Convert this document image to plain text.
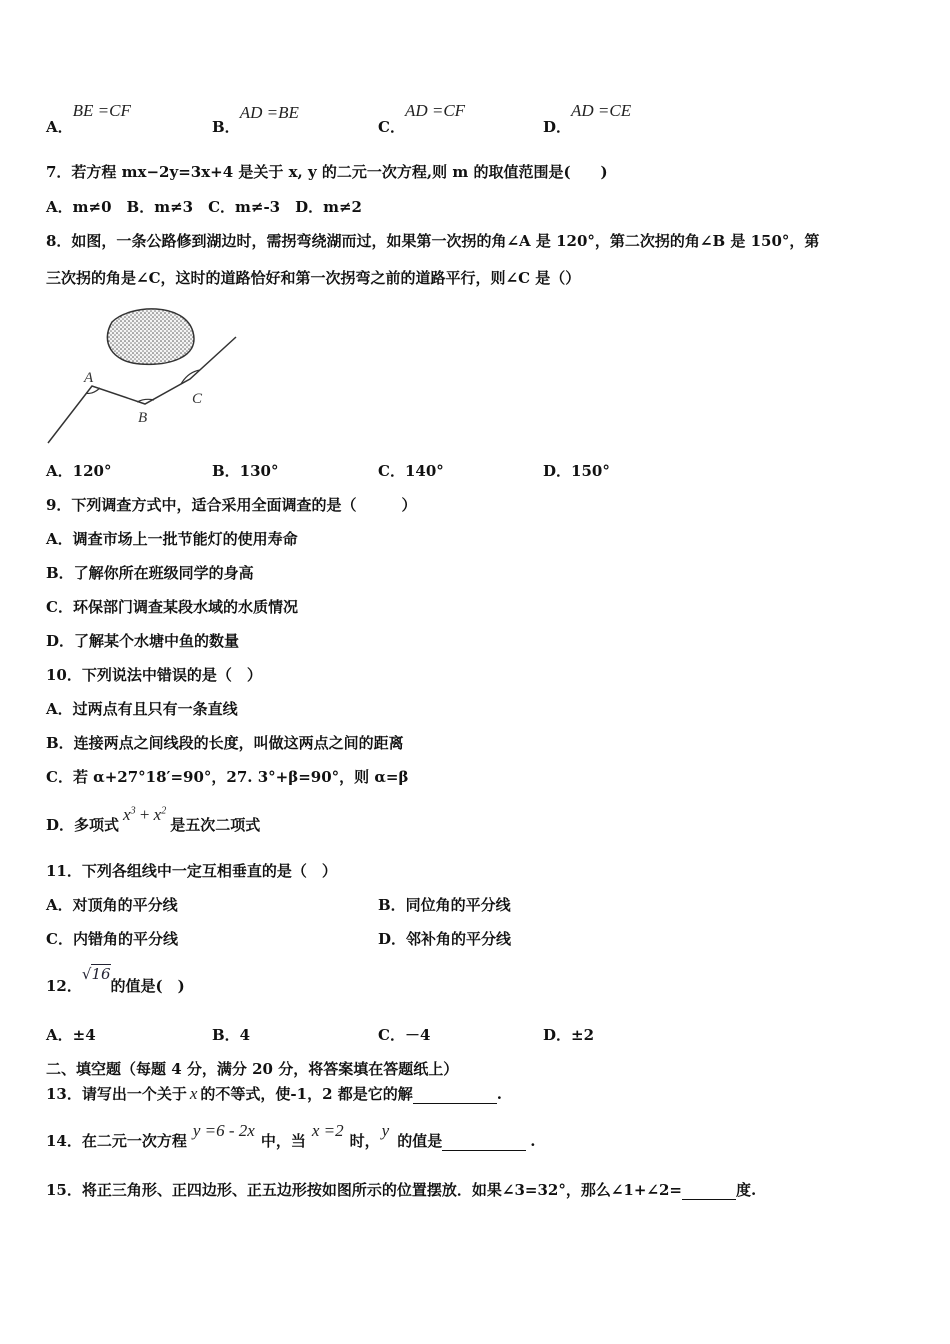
A．BE =CF
B．AD =BE
C．AD =CF
D．AD =CE
7．若方程 mx−2y=3x+4 是关于 x, y 的二元一次方程,则 m 的取值范围是(　　)
A．m≠0　B．m≠3　C．m≠-3　D．m≠2
8．如图，一条公路修到湖边时，需拐弯绕湖而过，如果第一次拐的角∠A 是 120°，第二次拐的角∠B 是 150°，第
三次拐的角是∠C，这时的道路恰好和第一次拐弯之前的道路平行，则∠C 是（）
A
B
C
A．120°	B．130°	C．140°	D．150°
9．下列调查方式中，适合采用全面调查的是（　　　）
A．调查市场上一批节能灯的使用寿命
B．了解你所在班级同学的身高
C．环保部门调查某段水域的水质情况
D．了解某个水塘中鱼的数量
10．下列说法中错误的是（　）
A．过两点有且只有一条直线
B．连接两点之间线段的长度，叫做这两点之间的距离
C．若 α+27°18′=90°，27. 3°+β=90°，则 α=β
D．多项式$x^3 + x^2$是五次二项式
11．下列各组线中一定互相垂直的是（　）
A．对顶角的平分线	B．同位角的平分线
C．内错角的平分线	D．邻补角的平分线
12．√16的值是(　)
A．±4	B．4	C．－4	D．±2
二、填空题（每题 4 分，满分 20 分，将答案填在答题纸上）
13．请写出一个关于 x 的不等式，使-1，2 都是它的解	.
14．在二元一次方程y =6 - 2x中，当x =2时，y的值是	.
15．将正三角形、正四边形、正五边形按如图所示的位置摆放．如果∠3=32°，那么∠1+∠2=	度.
